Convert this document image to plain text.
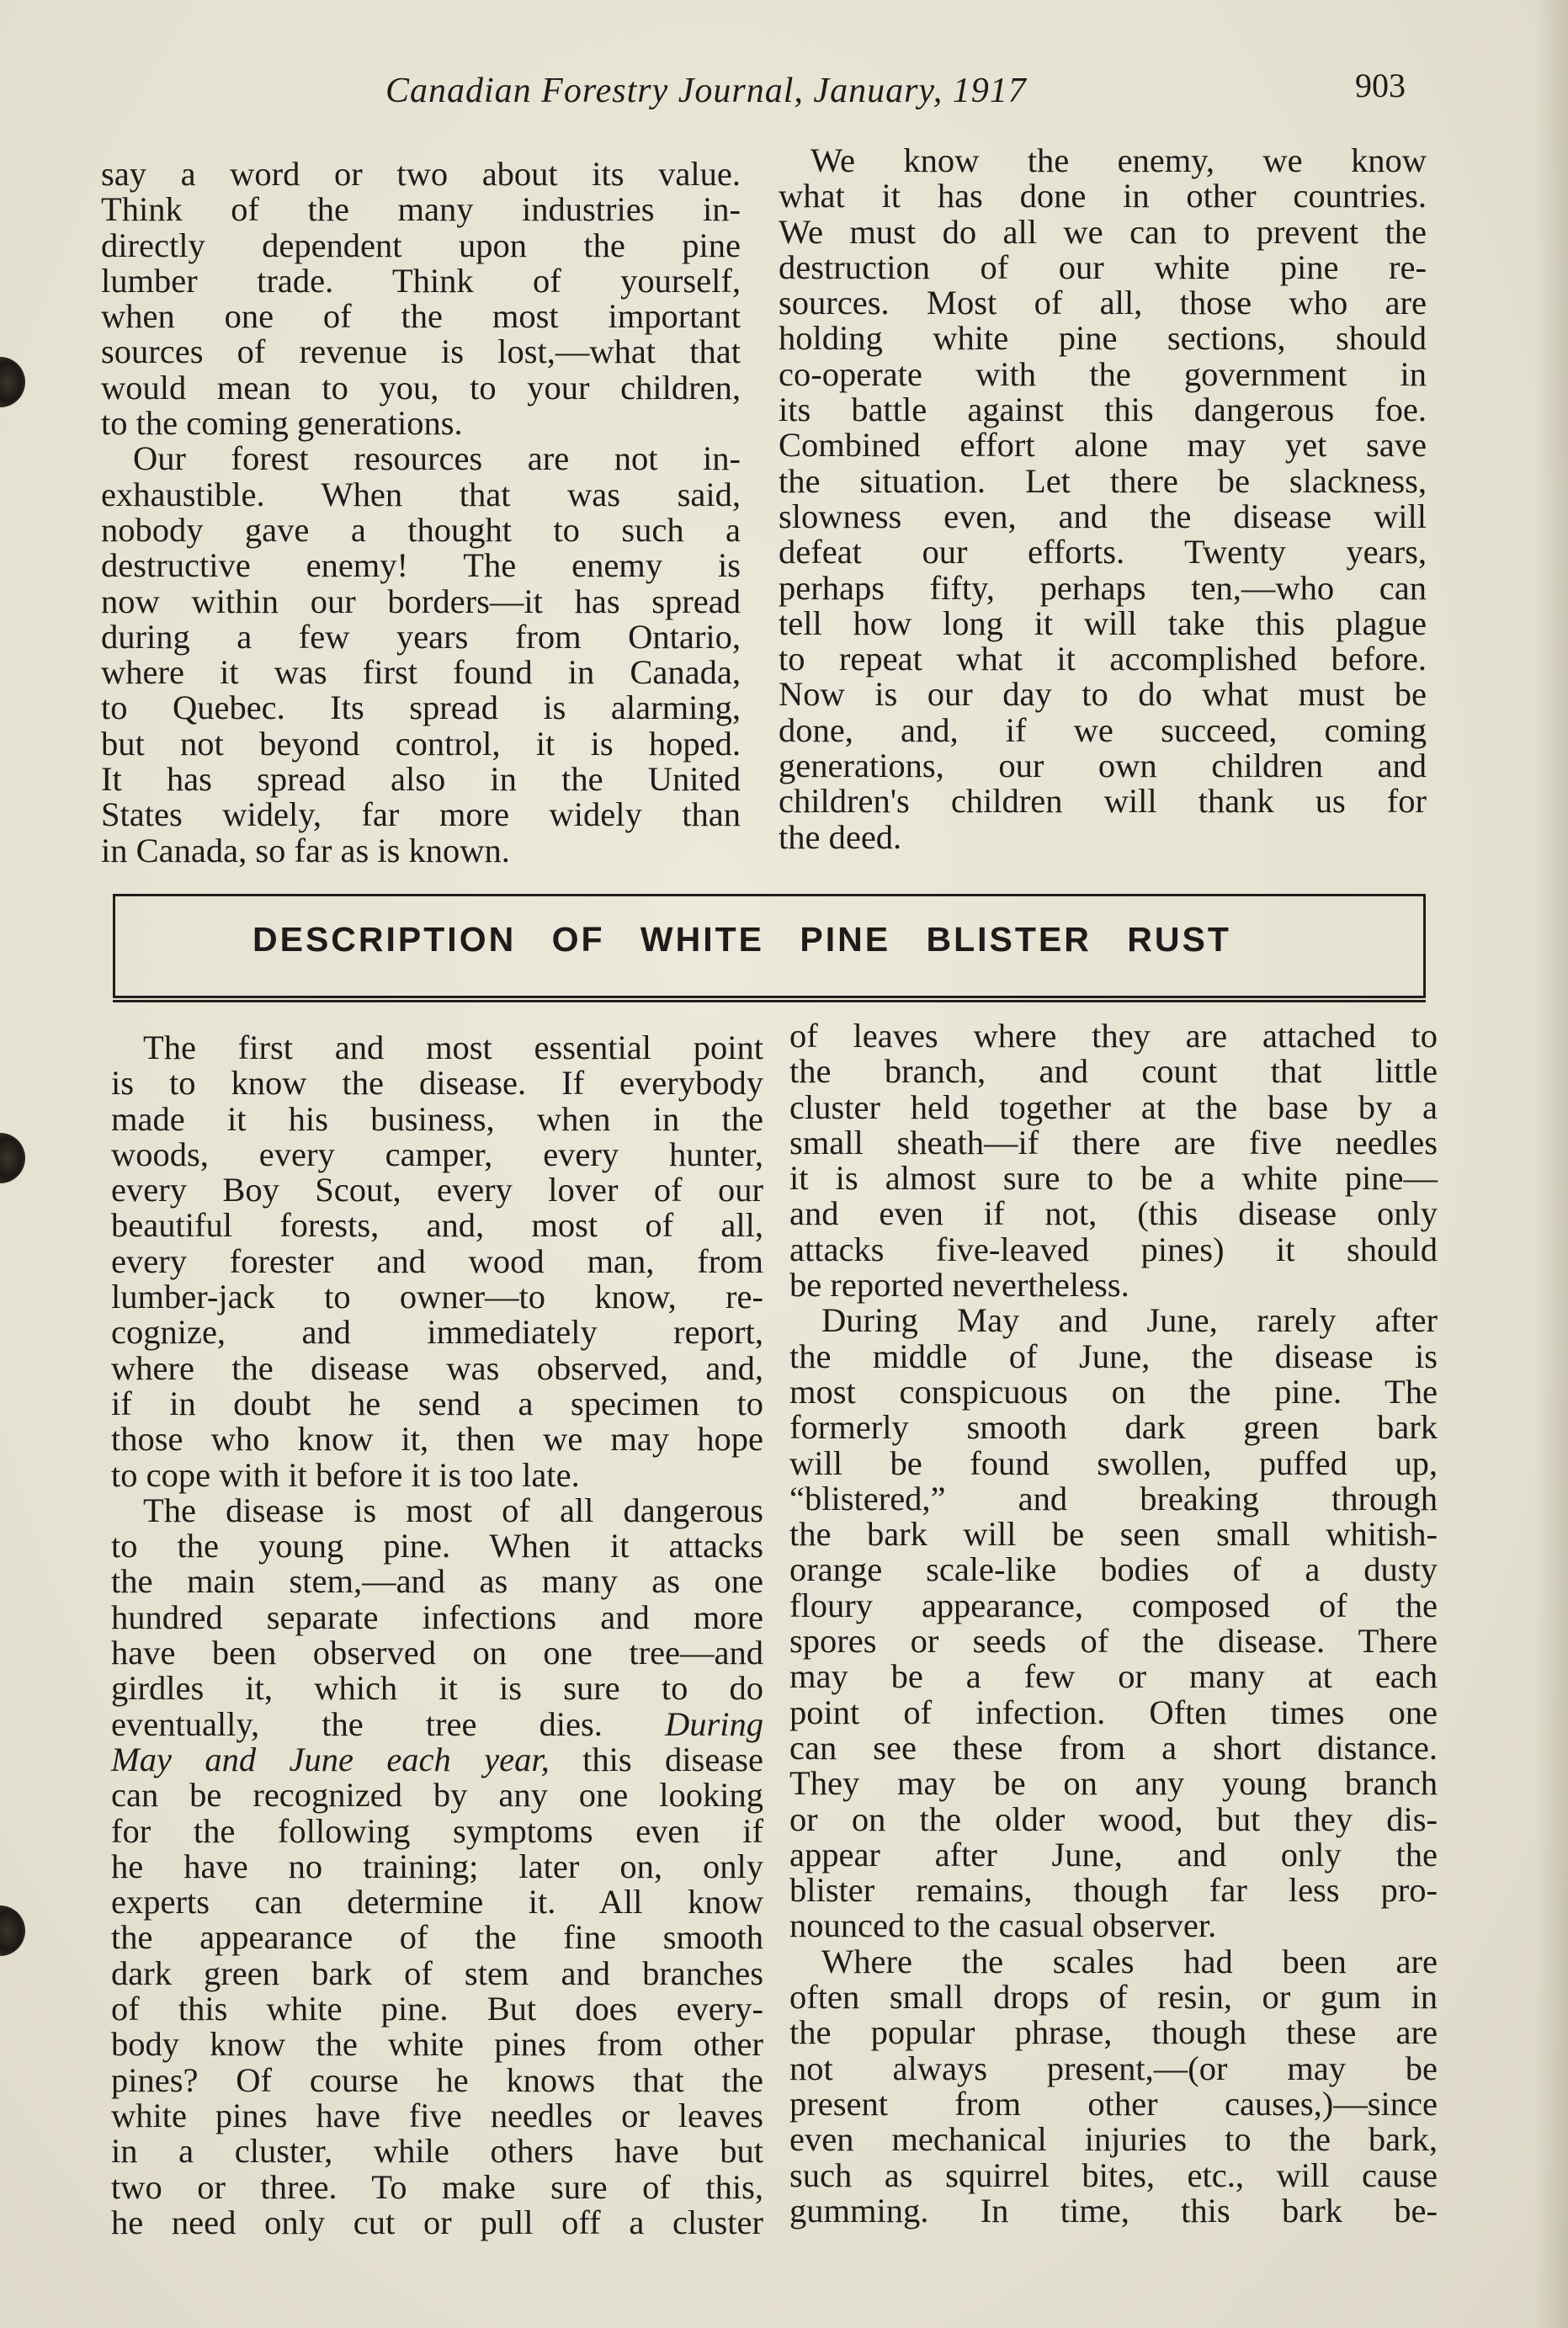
Canadian Forestry Journal, January, 1917	903
say a word or two about its value.
Think of the many industries in-
directly dependent upon the pine
lumber trade. Think of yourself,
when one of the most important
sources of revenue is lost,—what that
would mean to you, to your children,
to the coming generations.
Our forest resources are not in-
exhaustible. When that was said,
nobody gave a thought to such a
destructive enemy! The enemy is
now within our borders—it has spread
during a few years from Ontario,
where it was first found in Canada,
to Quebec. Its spread is alarming,
but not beyond control, it is hoped.
It has spread also in the United
States widely, far more widely than
in Canada, so far as is known.
We know the enemy, we know
what it has done in other countries.
We must do all we can to prevent the
destruction of our white pine re-
sources. Most of all, those who are
holding white pine sections, should
co-operate with the government in
its battle against this dangerous foe.
Combined effort alone may yet save
the situation. Let there be slackness,
slowness even, and the disease will
defeat our efforts. Twenty years,
perhaps fifty, perhaps ten,—who can
tell how long it will take this plague
to repeat what it accomplished before.
Now is our day to do what must be
done, and, if we succeed, coming
generations, our own children and
children's children will thank us for
the deed.
DESCRIPTION OF WHITE PINE BLISTER RUST
The first and most essential point
is to know the disease. If everybody
made it his business, when in the
woods, every camper, every hunter,
every Boy Scout, every lover of our
beautiful forests, and, most of all,
every forester and wood man, from
lumber-jack to owner—to know, re-
cognize, and immediately report,
where the disease was observed, and,
if in doubt he send a specimen to
those who know it, then we may hope
to cope with it before it is too late.
The disease is most of all dangerous
to the young pine. When it attacks
the main stem,—and as many as one
hundred separate infections and more
have been observed on one tree—and
girdles it, which it is sure to do
eventually, the tree dies. During
May and June each year, this disease
can be recognized by any one looking
for the following symptoms even if
he have no training; later on, only
experts can determine it. All know
the appearance of the fine smooth
dark green bark of stem and branches
of this white pine. But does every-
body know the white pines from other
pines? Of course he knows that the
white pines have five needles or leaves
in a cluster, while others have but
two or three. To make sure of this,
he need only cut or pull off a cluster
of leaves where they are attached to
the branch, and count that little
cluster held together at the base by a
small sheath—if there are five needles
it is almost sure to be a white pine—
and even if not, (this disease only
attacks five-leaved pines) it should
be reported nevertheless.
During May and June, rarely after
the middle of June, the disease is
most conspicuous on the pine. The
formerly smooth dark green bark
will be found swollen, puffed up,
“blistered,” and breaking through
the bark will be seen small whitish-
orange scale-like bodies of a dusty
floury appearance, composed of the
spores or seeds of the disease. There
may be a few or many at each
point of infection. Often times one
can see these from a short distance.
They may be on any young branch
or on the older wood, but they dis-
appear after June, and only the
blister remains, though far less pro-
nounced to the casual observer.
Where the scales had been are
often small drops of resin, or gum in
the popular phrase, though these are
not always present,—(or may be
present from other causes,)—since
even mechanical injuries to the bark,
such as squirrel bites, etc., will cause
gumming. In time, this bark be-
